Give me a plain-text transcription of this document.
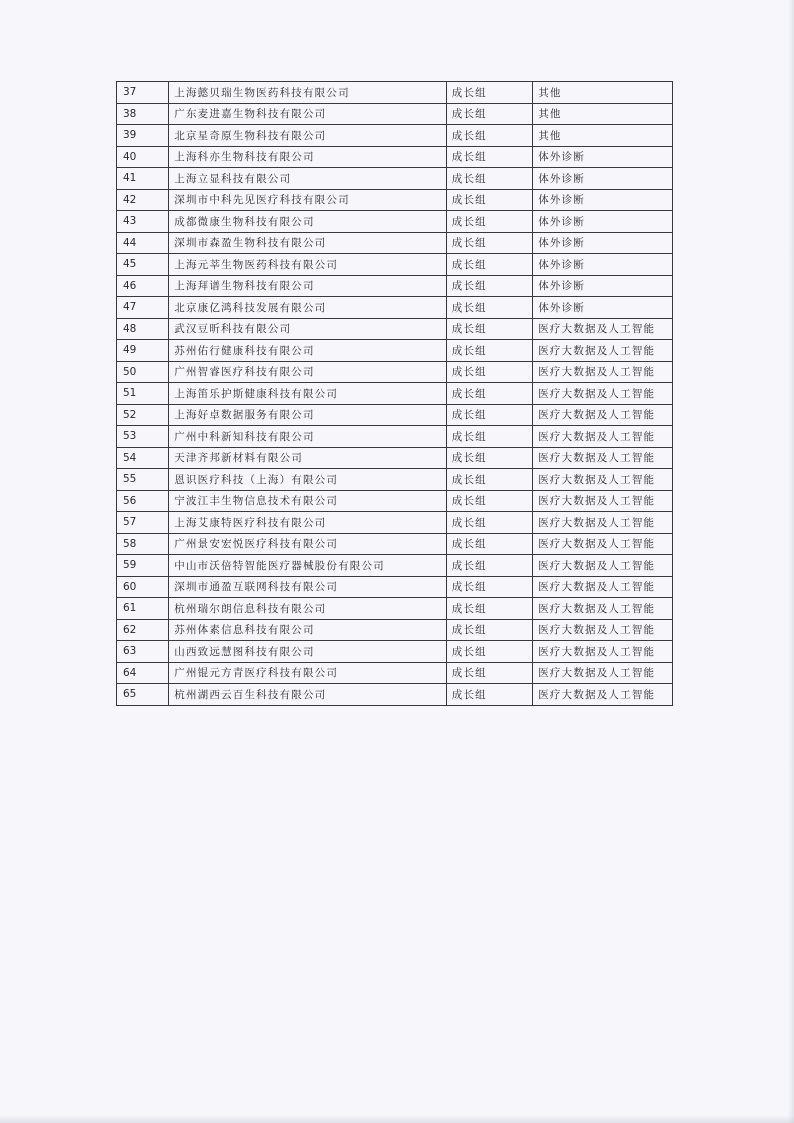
37	上海懿贝瑞生物医药科技有限公司	成长组	其他
38	广东麦进嘉生物科技有限公司	成长组	其他
39	北京星奇原生物科技有限公司	成长组	其他
40	上海科亦生物科技有限公司	成长组	体外诊断
41	上海立显科技有限公司	成长组	体外诊断
42	深圳市中科先见医疗科技有限公司	成长组	体外诊断
43	成都微康生物科技有限公司	成长组	体外诊断
44	深圳市森盈生物科技有限公司	成长组	体外诊断
45	上海元莘生物医药科技有限公司	成长组	体外诊断
46	上海拜谱生物科技有限公司	成长组	体外诊断
47	北京康亿鸿科技发展有限公司	成长组	体外诊断
48	武汉豆昕科技有限公司	成长组	医疗大数据及人工智能
49	苏州佑行健康科技有限公司	成长组	医疗大数据及人工智能
50	广州智睿医疗科技有限公司	成长组	医疗大数据及人工智能
51	上海笛乐护斯健康科技有限公司	成长组	医疗大数据及人工智能
52	上海好卓数据服务有限公司	成长组	医疗大数据及人工智能
53	广州中科新知科技有限公司	成长组	医疗大数据及人工智能
54	天津齐邦新材料有限公司	成长组	医疗大数据及人工智能
55	恩识医疗科技（上海）有限公司	成长组	医疗大数据及人工智能
56	宁波江丰生物信息技术有限公司	成长组	医疗大数据及人工智能
57	上海艾康特医疗科技有限公司	成长组	医疗大数据及人工智能
58	广州景安宏悦医疗科技有限公司	成长组	医疗大数据及人工智能
59	中山市沃倍特智能医疗器械股份有限公司	成长组	医疗大数据及人工智能
60	深圳市通盈互联网科技有限公司	成长组	医疗大数据及人工智能
61	杭州瑞尔朗信息科技有限公司	成长组	医疗大数据及人工智能
62	苏州体素信息科技有限公司	成长组	医疗大数据及人工智能
63	山西致远慧图科技有限公司	成长组	医疗大数据及人工智能
64	广州锟元方青医疗科技有限公司	成长组	医疗大数据及人工智能
65	杭州湖西云百生科技有限公司	成长组	医疗大数据及人工智能
